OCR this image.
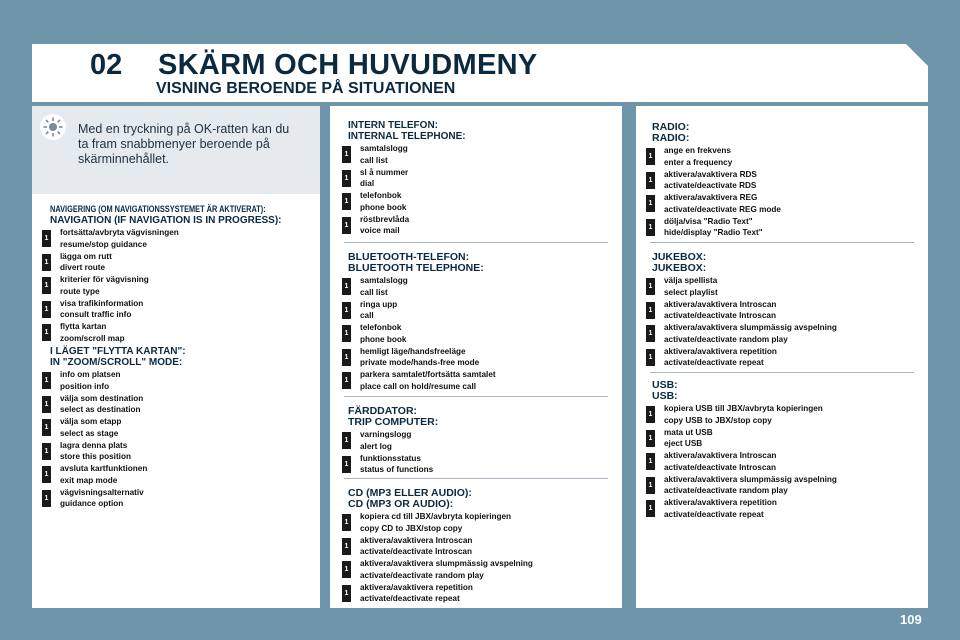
02 SKÄRM OCH HUVUDMENY
VISNING BEROENDE PÅ SITUATIONEN
Med en tryckning på OK-ratten kan du ta fram snabbmenyer beroende på skärminnehållet.
NAVIGERING (OM NAVIGATIONSSYSTEMET ÄR AKTIVERAT):
NAVIGATION (IF NAVIGATION IS IN PROGRESS):
1
fortsätta/avbryta vägvisningen
resume/stop guidance
1
lägga om rutt
divert route
1
kriterier för vägvisning
route type
1
visa trafikinformation
consult traffic info
1
flytta kartan
zoom/scroll map
I LÄGET "FLYTTA KARTAN":
IN "ZOOM/SCROLL" MODE:
1
info om platsen
position info
1
välja som destination
select as destination
1
välja som etapp
select as stage
1
lagra denna plats
store this position
1
avsluta kartfunktionen
exit map mode
1
vägvisningsalternativ
guidance option
INTERN TELEFON:
INTERNAL TELEPHONE:
1
samtalslogg
call list
1
sl å nummer
dial
1
telefonbok
phone book
1
röstbrevlåda
voice mail
BLUETOOTH-TELEFON:
BLUETOOTH TELEPHONE:
1
samtalslogg
call list
1
ringa upp
call
1
telefonbok
phone book
1
hemligt läge/handsfreeläge
private mode/hands-free mode
1
parkera samtalet/fortsätta samtalet
place call on hold/resume call
FÄRDDATOR:
TRIP COMPUTER:
1
varningslogg
alert log
1
funktionsstatus
status of functions
CD (MP3 ELLER AUDIO):
CD (MP3 OR AUDIO):
1
kopiera cd till JBX/avbryta kopieringen
copy CD to JBX/stop copy
1
aktivera/avaktivera Introscan
activate/deactivate Introscan
1
aktivera/avaktivera slumpmässig avspelning
activate/deactivate random play
1
aktivera/avaktivera repetition
activate/deactivate repeat
RADIO:
RADIO:
1
ange en frekvens
enter a frequency
1
aktivera/avaktivera RDS
activate/deactivate RDS
1
aktivera/avaktivera REG
activate/deactivate REG mode
1
dölja/visa "Radio Text"
hide/display "Radio Text"
JUKEBOX:
JUKEBOX:
1
välja spellista
select playlist
1
aktivera/avaktivera Introscan
activate/deactivate Introscan
1
aktivera/avaktivera slumpmässig avspelning
activate/deactivate random play
1
aktivera/avaktivera repetition
activate/deactivate repeat
USB:
USB:
1
kopiera USB till JBX/avbryta kopieringen
copy USB to JBX/stop copy
1
mata ut USB
eject USB
1
aktivera/avaktivera Introscan
activate/deactivate Introscan
1
aktivera/avaktivera slumpmässig avspelning
activate/deactivate random play
1
aktivera/avaktivera repetition
activate/deactivate repeat
109
